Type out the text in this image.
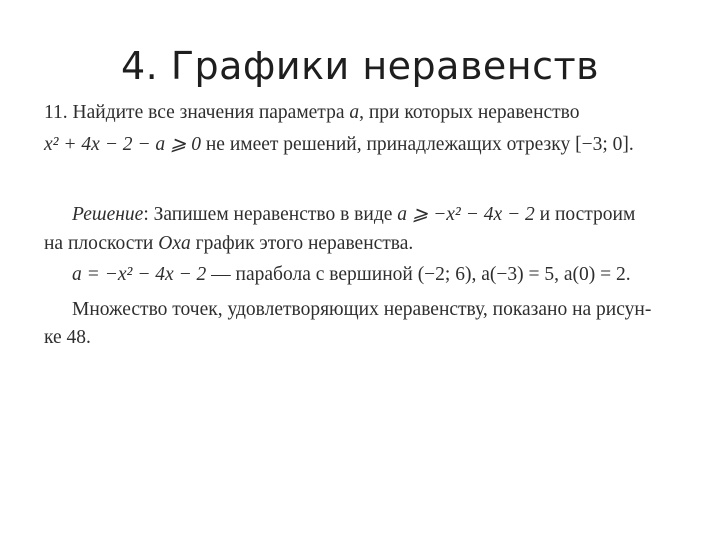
4. Графики неравенств
11. Найдите все значения параметра a, при которых неравенство
x² + 4x − 2 − a ⩾ 0 не имеет решений, принадлежащих отрезку [−3; 0].
Решение: Запишем неравенство в виде a ⩾ −x² − 4x − 2 и построим
на плоскости Oxa график этого неравенства.
a = −x² − 4x − 2 — парабола с вершиной (−2; 6), a(−3) = 5, a(0) = 2.
Множество точек, удовлетворяющих неравенству, показано на рисун-
ке 48.
